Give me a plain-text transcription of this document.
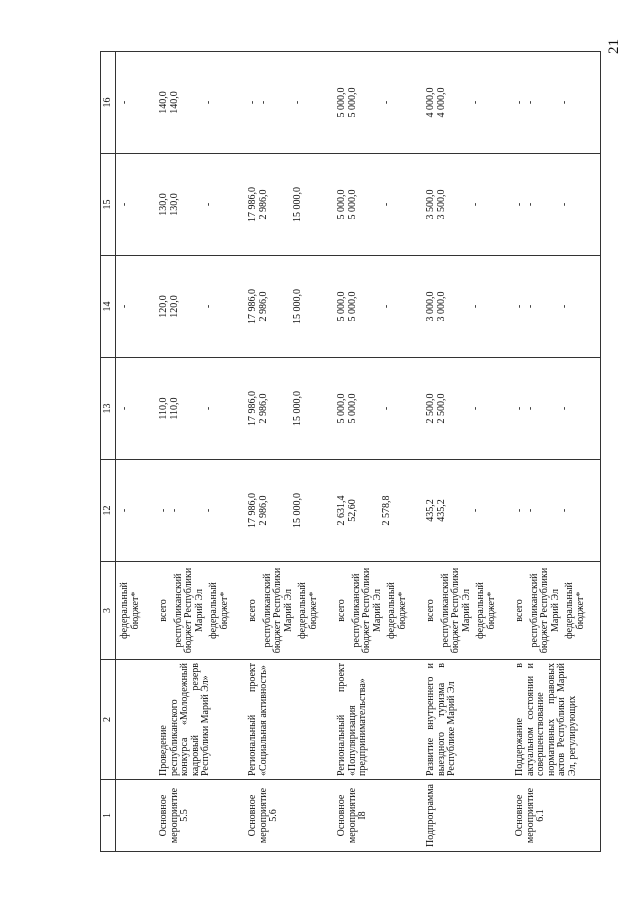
21
1	2	3	12	13	14	15	16

		федеральный бюджет*	-	-	-	-	-

Основное мероприятие 5.5	Проведение республиканского конкурса «Молодежный кадровый резерв Республики Марий Эл»	всего республиканский бюджет Республики Марий Эл федеральный бюджет*	- - -	110,0 110,0 -	120,0 120,0 -	130,0 130,0 -	140,0 140,0 -

Основное мероприятие 5.6	Региональный проект «Социальная активность»	всего республиканский бюджет Республики Марий Эл федеральный бюджет*	17 986,0 2 986,0 15 000,0	17 986,0 2 986,0 15 000,0	17 986,0 2 986,0 15 000,0	17 986,0 2 986,0 15 000,0	- - -

Основное мероприятие I8	Региональный проект «Популяризация предпринимательства»	всего республиканский бюджет Республики Марий Эл федеральный бюджет*	2 631,4 52,60 2 578,8	5 000,0 5 000,0 -	5 000,0 5 000,0 -	5 000,0 5 000,0 -	5 000,0 5 000,0 -

Подпрограмма	Развитие внутреннего и выездного туризма в Республике Марий Эл	всего республиканский бюджет Республики Марий Эл федеральный бюджет*	435,2 435,2 -	2 500,0 2 500,0 -	3 000,0 3 000,0 -	3 500,0 3 500,0 -	4 000,0 4 000,0 -

Основное мероприятие 6.1	Поддержание в актуальном состоянии и совершенствование нормативных правовых актов Республики Марий Эл, регулирующих	всего республиканский бюджет Республики Марий Эл федеральный бюджет*	- - -	- - -	- - -	- - -	- - -
